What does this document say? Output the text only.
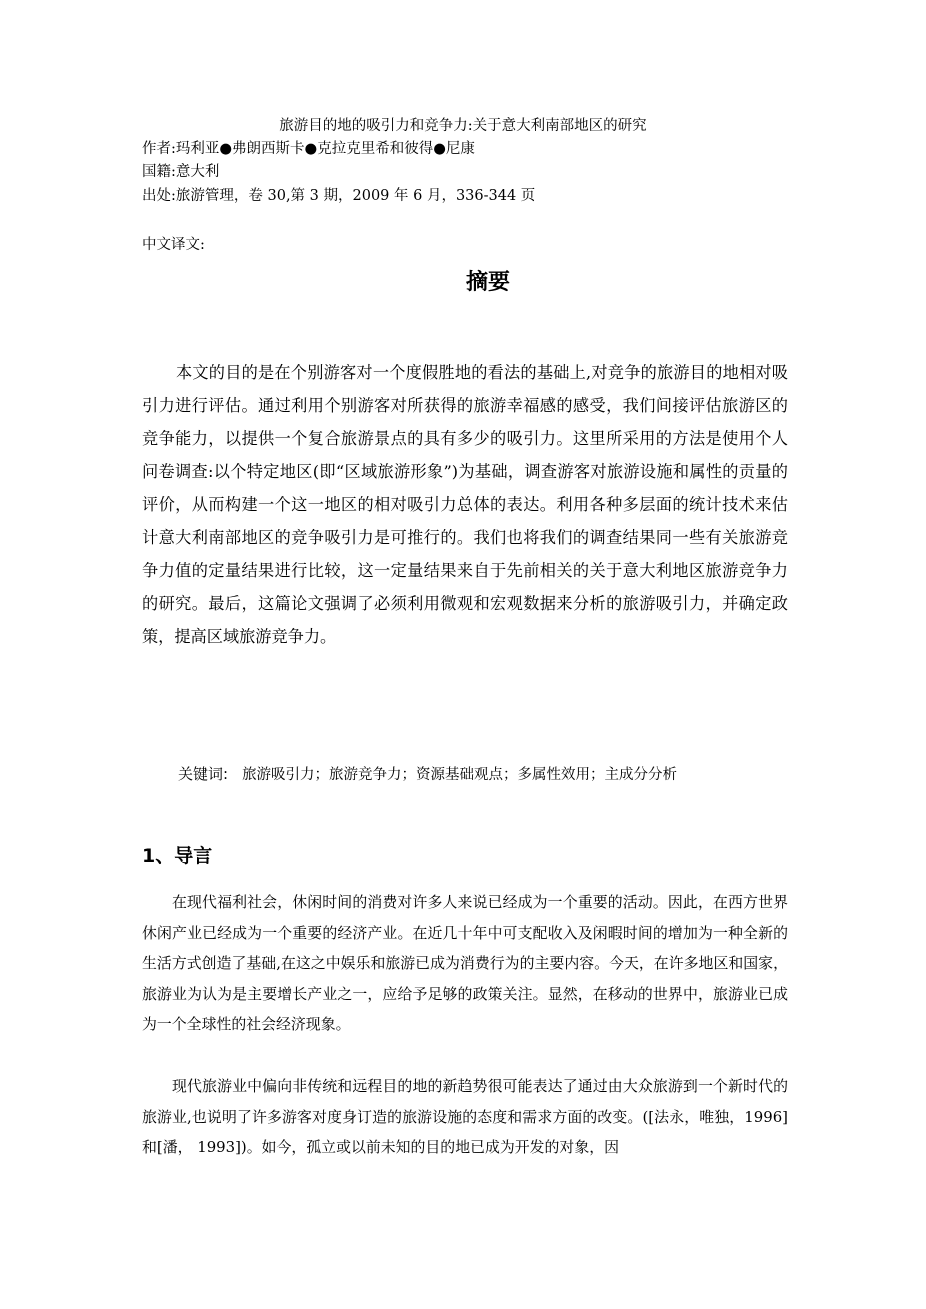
旅游目的地的吸引力和竞争力:关于意大利南部地区的研究
作者:玛利亚●弗朗西斯卡●克拉克里希和彼得●尼康
国籍:意大利
出处:旅游管理，卷 30,第 3 期，2009 年 6 月，336-344 页
中文译文:
摘要

本文的目的是在个别游客对一个度假胜地的看法的基础上,对竞争的旅游目的地相对吸引力进行评估。通过利用个别游客对所获得的旅游幸福感的感受，我们间接评估旅游区的竞争能力，以提供一个复合旅游景点的具有多少的吸引力。这里所采用的方法是使用个人问卷调查:以个特定地区(即“区域旅游形象”)为基础，调查游客对旅游设施和属性的贡量的评价，从而构建一个这一地区的相对吸引力总体的表达。利用各种多层面的统计技术来估计意大利南部地区的竞争吸引力是可推行的。我们也将我们的调查结果同一些有关旅游竞争力值的定量结果进行比较，这一定量结果来自于先前相关的关于意大利地区旅游竞争力的研究。最后，这篇论文强调了必须利用微观和宏观数据来分析的旅游吸引力，并确定政策，提高区域旅游竞争力。

关键词: 旅游吸引力；旅游竞争力；资源基础观点；多属性效用；主成分分析
1、导言

在现代福利社会，休闲时间的消费对许多人来说已经成为一个重要的活动。因此，在西方世界休闲产业已经成为一个重要的经济产业。在近几十年中可支配收入及闲暇时间的增加为一种全新的生活方式创造了基础,在这之中娱乐和旅游已成为消费行为的主要内容。今天，在许多地区和国家，旅游业为认为是主要增长产业之一，应给予足够的政策关注。显然，在移动的世界中，旅游业已成为一个全球性的社会经济现象。

现代旅游业中偏向非传统和远程目的地的新趋势很可能表达了通过由大众旅游到一个新时代的旅游业,也说明了许多游客对度身订造的旅游设施的态度和需求方面的改变。([法永，唯独，1996]和[潘， 1993])。如今，孤立或以前未知的目的地已成为开发的对象，因
